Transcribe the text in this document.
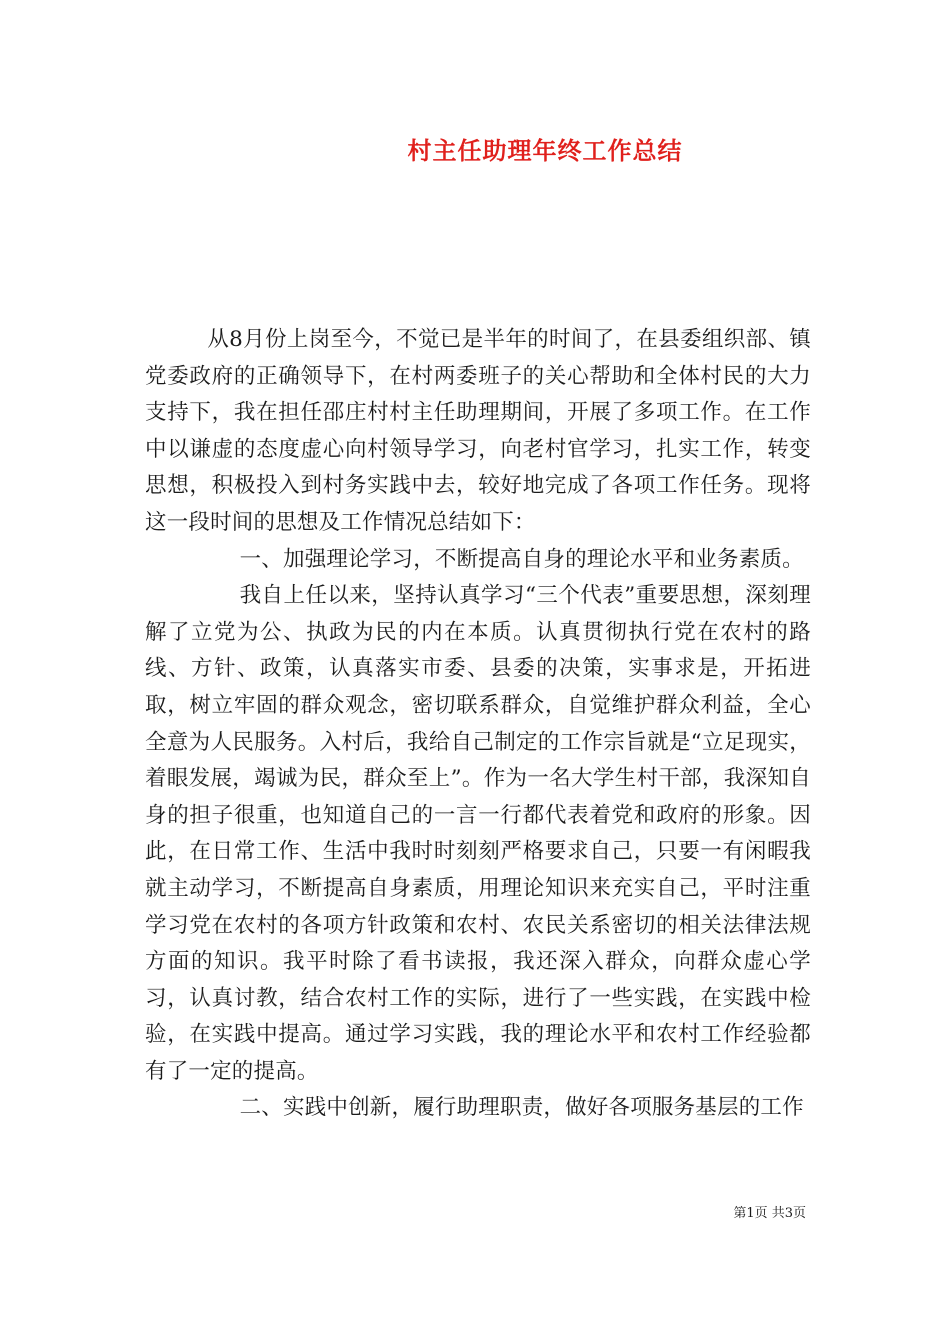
村主任助理年终工作总结

从8月份上岗至今，不觉已是半年的时间了，在县委组织部、镇党委政府的正确领导下，在村两委班子的关心帮助和全体村民的大力支持下，我在担任邵庄村村主任助理期间，开展了多项工作。在工作中以谦虚的态度虚心向村领导学习，向老村官学习，扎实工作，转变思想，积极投入到村务实践中去，较好地完成了各项工作任务。现将这一段时间的思想及工作情况总结如下：

一、加强理论学习，不断提高自身的理论水平和业务素质。

我自上任以来，坚持认真学习“三个代表”重要思想，深刻理解了立党为公、执政为民的内在本质。认真贯彻执行党在农村的路线、方针、政策，认真落实市委、县委的决策，实事求是，开拓进取，树立牢固的群众观念，密切联系群众，自觉维护群众利益，全心全意为人民服务。入村后，我给自己制定的工作宗旨就是“立足现实，着眼发展，竭诚为民，群众至上”。作为一名大学生村干部，我深知自身的担子很重，也知道自己的一言一行都代表着党和政府的形象。因此，在日常工作、生活中我时时刻刻严格要求自己，只要一有闲暇我就主动学习，不断提高自身素质，用理论知识来充实自己，平时注重学习党在农村的各项方针政策和农村、农民关系密切的相关法律法规方面的知识。我平时除了看书读报，我还深入群众，向群众虚心学习，认真讨教，结合农村工作的实际，进行了一些实践，在实践中检验，在实践中提高。通过学习实践，我的理论水平和农村工作经验都有了一定的提高。

二、实践中创新，履行助理职责，做好各项服务基层的工作

第1页 共3页
